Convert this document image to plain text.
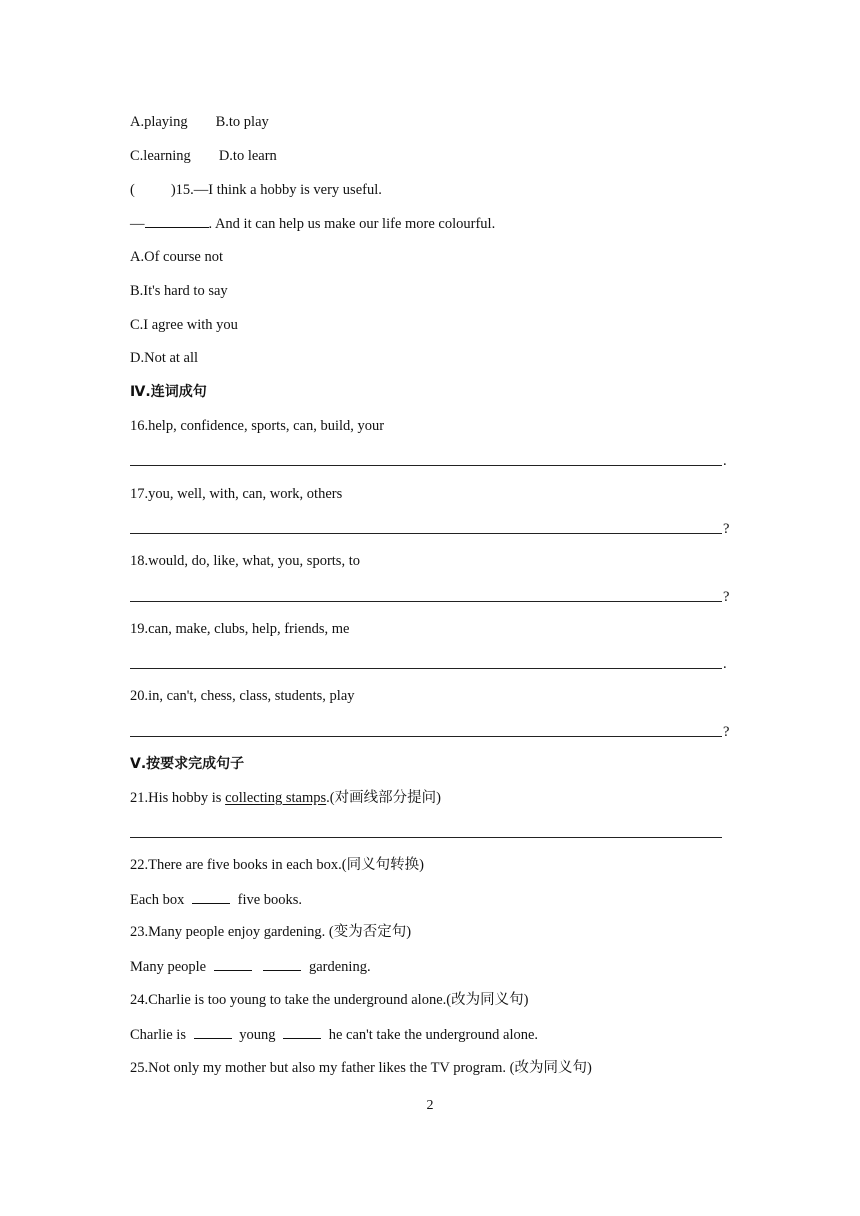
A.playing B.to play
C.learning D.to learn
( )15.—I think a hobby is very useful.
—	. And it can help us make our life more colourful.
A.Of course not
B.It's hard to say
C.I agree with you
D.Not at all
Ⅳ.连词成句
16.help, confidence, sports, can, build, your
.
17.you, well, with, can, work, others
?
18.would, do, like, what, you, sports, to
?
19.can, make, clubs, help, friends, me
.
20.in, can't, chess, class, students, play
?
Ⅴ.按要求完成句子
21.His hobby is collecting stamps.(对画线部分提问)
22.There are five books in each box.(同义句转换)
Each box	five books.
23.Many people enjoy gardening. (变为否定句)
Many people	gardening.
24.Charlie is too young to take the underground alone.(改为同义句)
Charlie is	young	he can't take the underground alone.
25.Not only my mother but also my father likes the TV program. (改为同义句)
2
